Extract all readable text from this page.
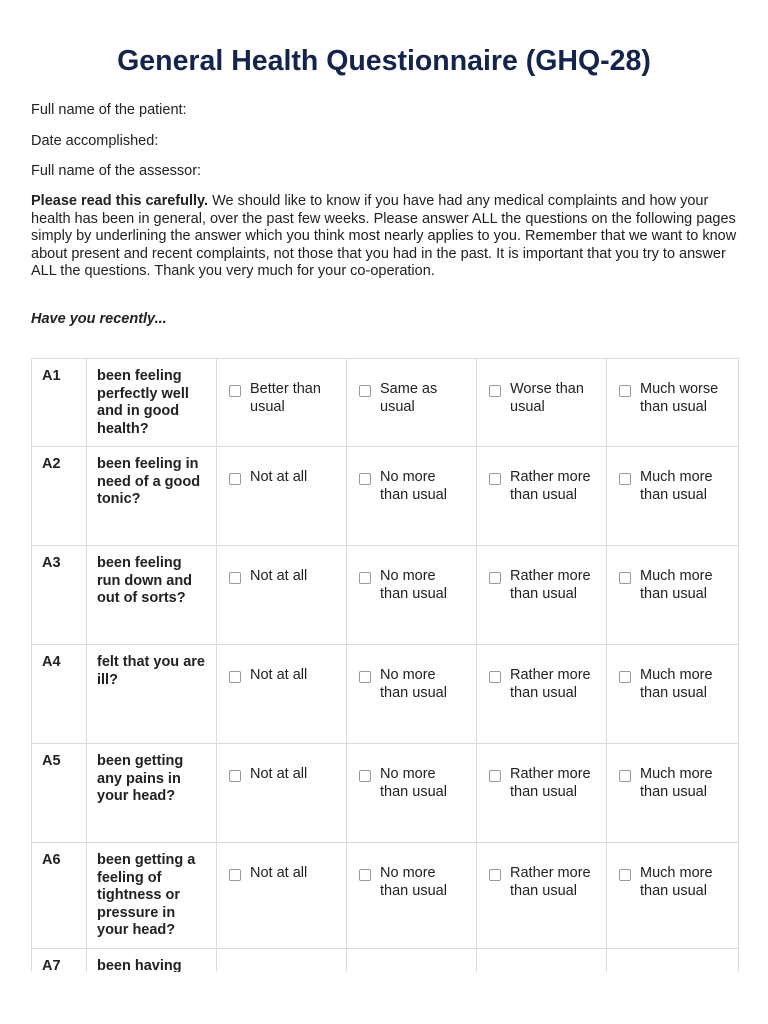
General Health Questionnaire (GHQ-28)
Full name of the patient:
Date accomplished:
Full name of the assessor:
Please read this carefully. We should like to know if you have had any medical complaints and how your health has been in general, over the past few weeks. Please answer ALL the questions on the following pages simply by underlining the answer which you think most nearly applies to you. Remember that we want to know about present and recent complaints, not those that you had in the past. It is important that you try to answer ALL the questions. Thank you very much for your co-operation.
Have you recently...
A1	been feeling perfectly well and in good health?	Better than usual	Same as usual	Worse than usual	Much worse than usual

A2	been feeling in need of a good tonic?	Not at all	No more than usual	Rather more than usual	Much more than usual

A3	been feeling run down and out of sorts?	Not at all	No more than usual	Rather more than usual	Much more than usual

A4	felt that you are ill?	Not at all	No more than usual	Rather more than usual	Much more than usual

A5	been getting any pains in your head?	Not at all	No more than usual	Rather more than usual	Much more than usual

A6	been getting a feeling of tightness or pressure in your head?	Not at all	No more than usual	Rather more than usual	Much more than usual

A7	been having				
